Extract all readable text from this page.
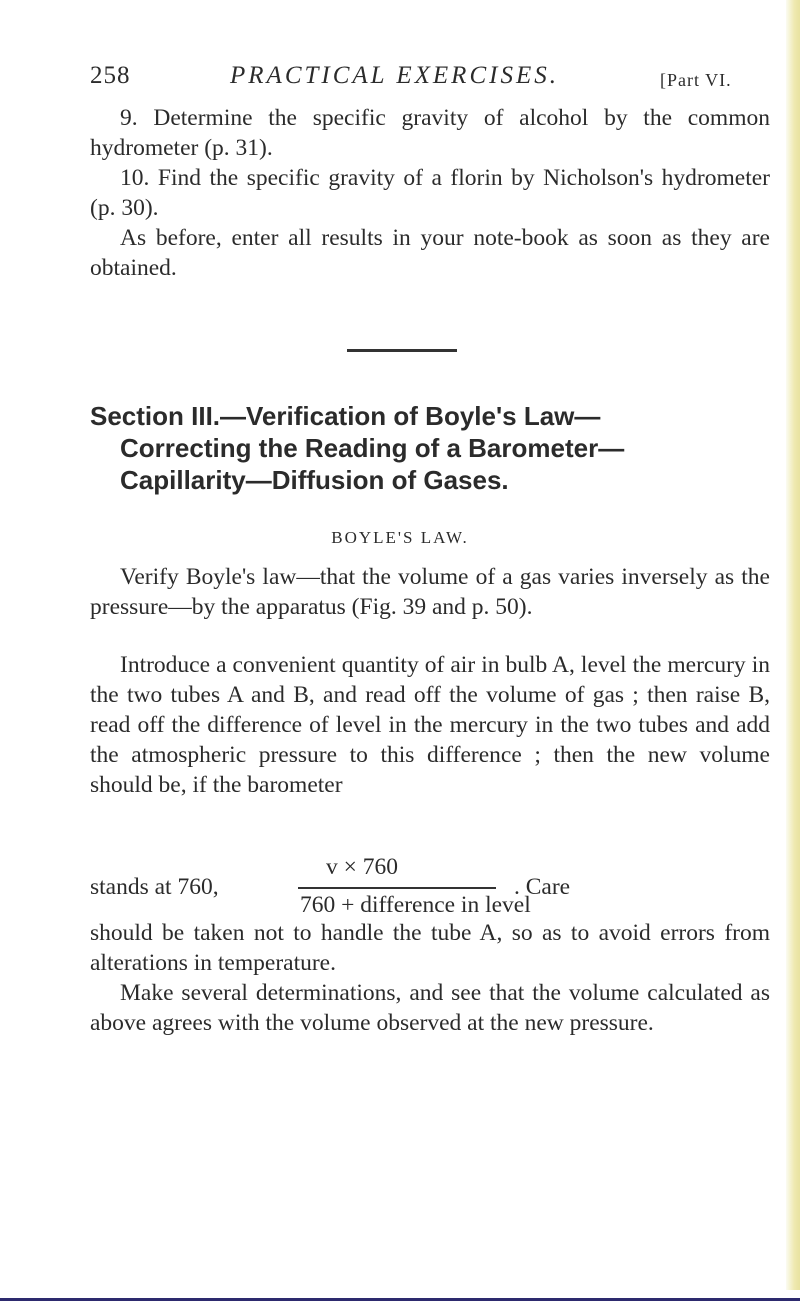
258	PRACTICAL EXERCISES.	[Part VI.

9. Determine the specific gravity of alcohol by the common hydrometer (p. 31).

10. Find the specific gravity of a florin by Nicholson's hydrometer (p. 30).

As before, enter all results in your note-book as soon as they are obtained.

Section III.—Verification of Boyle's Law—
Correcting the Reading of a Barometer—
Capillarity—Diffusion of Gases.

BOYLE'S LAW.

Verify Boyle's law—that the volume of a gas varies inversely as the pressure—by the apparatus (Fig. 39 and p. 50).

Introduce a convenient quantity of air in bulb A, level the mercury in the two tubes A and B, and read off the volume of gas ; then raise B, read off the difference of level in the mercury in the two tubes and add the atmospheric pressure to this difference ; then the new volume should be, if the barometer

stands at 760,
v × 760
760 + difference in level
. Care

should be taken not to handle the tube A, so as to avoid errors from alterations in temperature.

Make several determinations, and see that the volume calculated as above agrees with the volume observed at the new pressure.
